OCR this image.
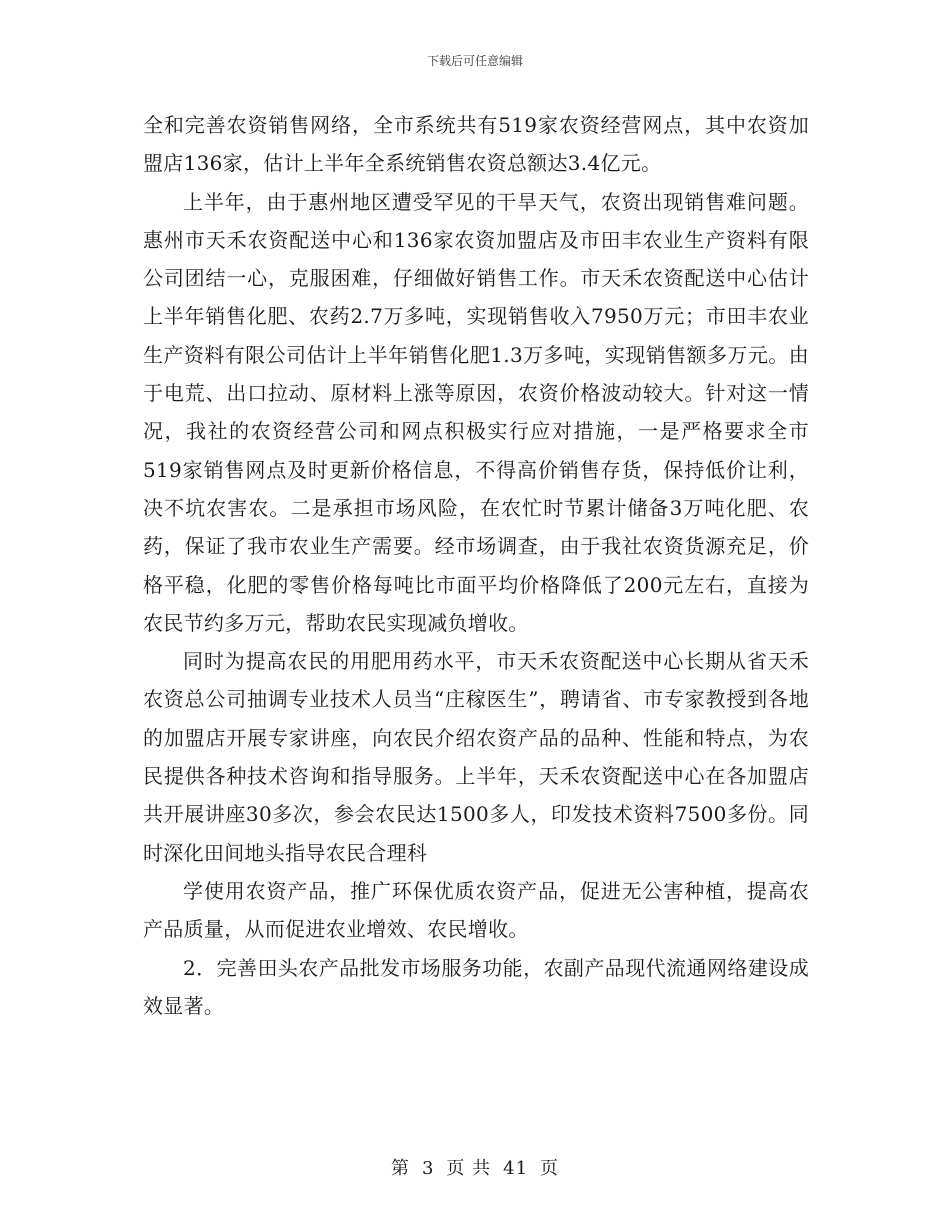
下载后可任意编辑

全和完善农资销售网络，全市系统共有519家农资经营网点，其中农资加盟店136家，估计上半年全系统销售农资总额达3.4亿元。

上半年，由于惠州地区遭受罕见的干旱天气，农资出现销售难问题。惠州市天禾农资配送中心和136家农资加盟店及市田丰农业生产资料有限公司团结一心，克服困难，仔细做好销售工作。市天禾农资配送中心估计上半年销售化肥、农药2.7万多吨，实现销售收入7950万元；市田丰农业生产资料有限公司估计上半年销售化肥1.3万多吨，实现销售额多万元。由于电荒、出口拉动、原材料上涨等原因，农资价格波动较大。针对这一情况，我社的农资经营公司和网点积极实行应对措施，一是严格要求全市519家销售网点及时更新价格信息，不得高价销售存货，保持低价让利，决不坑农害农。二是承担市场风险，在农忙时节累计储备3万吨化肥、农药，保证了我市农业生产需要。经市场调查，由于我社农资货源充足，价格平稳，化肥的零售价格每吨比市面平均价格降低了200元左右，直接为农民节约多万元，帮助农民实现减负增收。

同时为提高农民的用肥用药水平，市天禾农资配送中心长期从省天禾农资总公司抽调专业技术人员当“庄稼医生”，聘请省、市专家教授到各地的加盟店开展专家讲座，向农民介绍农资产品的品种、性能和特点，为农民提供各种技术咨询和指导服务。上半年，天禾农资配送中心在各加盟店共开展讲座30多次，参会农民达1500多人，印发技术资料7500多份。同时深化田间地头指导农民合理科

学使用农资产品，推广环保优质农资产品，促进无公害种植，提高农产品质量，从而促进农业增效、农民增收。

2．完善田头农产品批发市场服务功能，农副产品现代流通网络建设成效显著。

第 3 页 共 41 页
